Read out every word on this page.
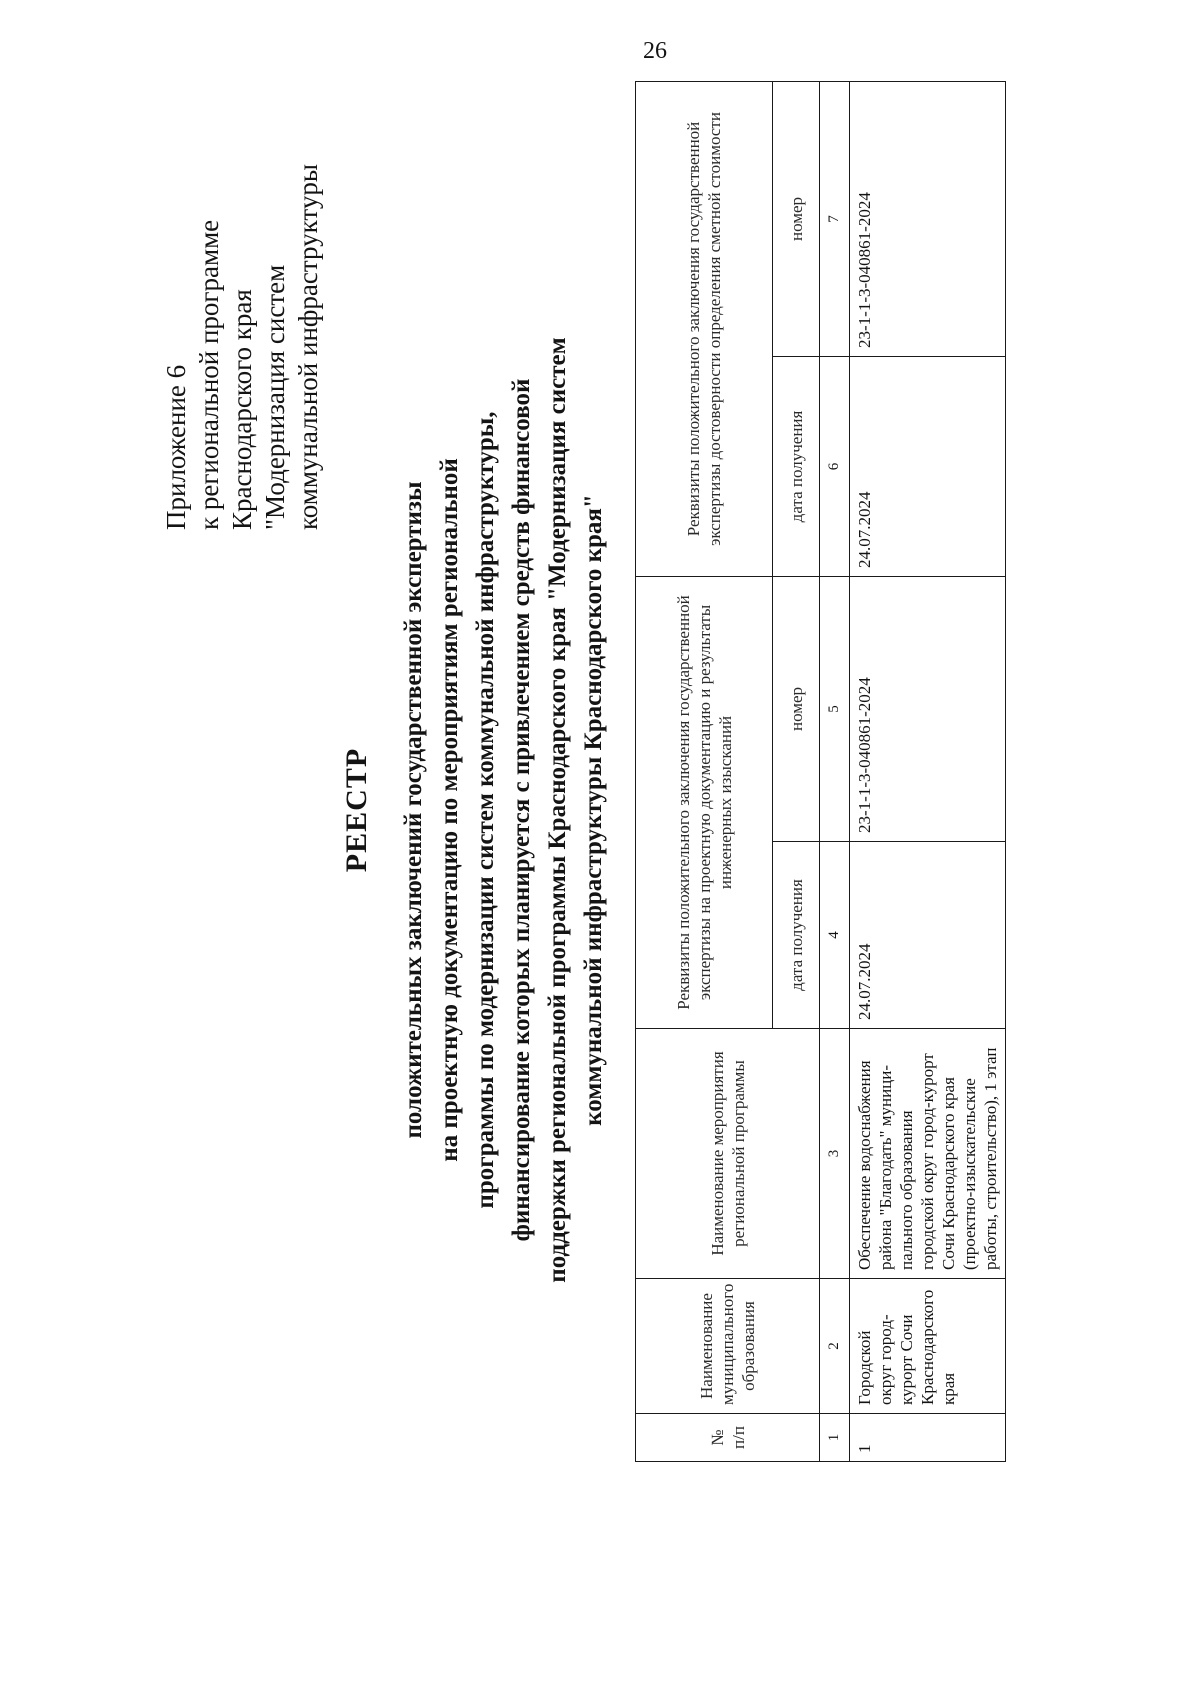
26
Приложение 6 к региональной программе Краснодарского края "Модернизация систем коммунальной инфраструктуры
РЕЕСТР положительных заключений государственной экспертизы на проектную документацию по мероприятиям региональной программы по модернизации систем коммунальной инфраструктуры, финансирование которых планируется с привлечением средств финансовой поддержки региональной программы Краснодарского края "Модернизация систем коммунальной инфраструктуры Краснодарского края"
№ п/п	Наименование муниципального образования	Наименование мероприятия региональной программы	Реквизиты положительного заключения государственной экспертизы на проектную документацию и результаты инженерных изысканий		Реквизиты положительного заключения государственной экспертизы достоверности определения сметной стоимости	
			дата получения	номер	дата получения	номер
1	2	3	4	5	6	7
1	Городской округ город-курорт Сочи Краснодарского края	Обеспечение водоснабжения района "Благодать" муници-пального образования городской округ город-курорт Сочи Краснодарского края (проектно-изыскательские работы, строительство), 1 этап	24.07.2024	23-1-1-3-040861-2024	24.07.2024	23-1-1-3-040861-2024
